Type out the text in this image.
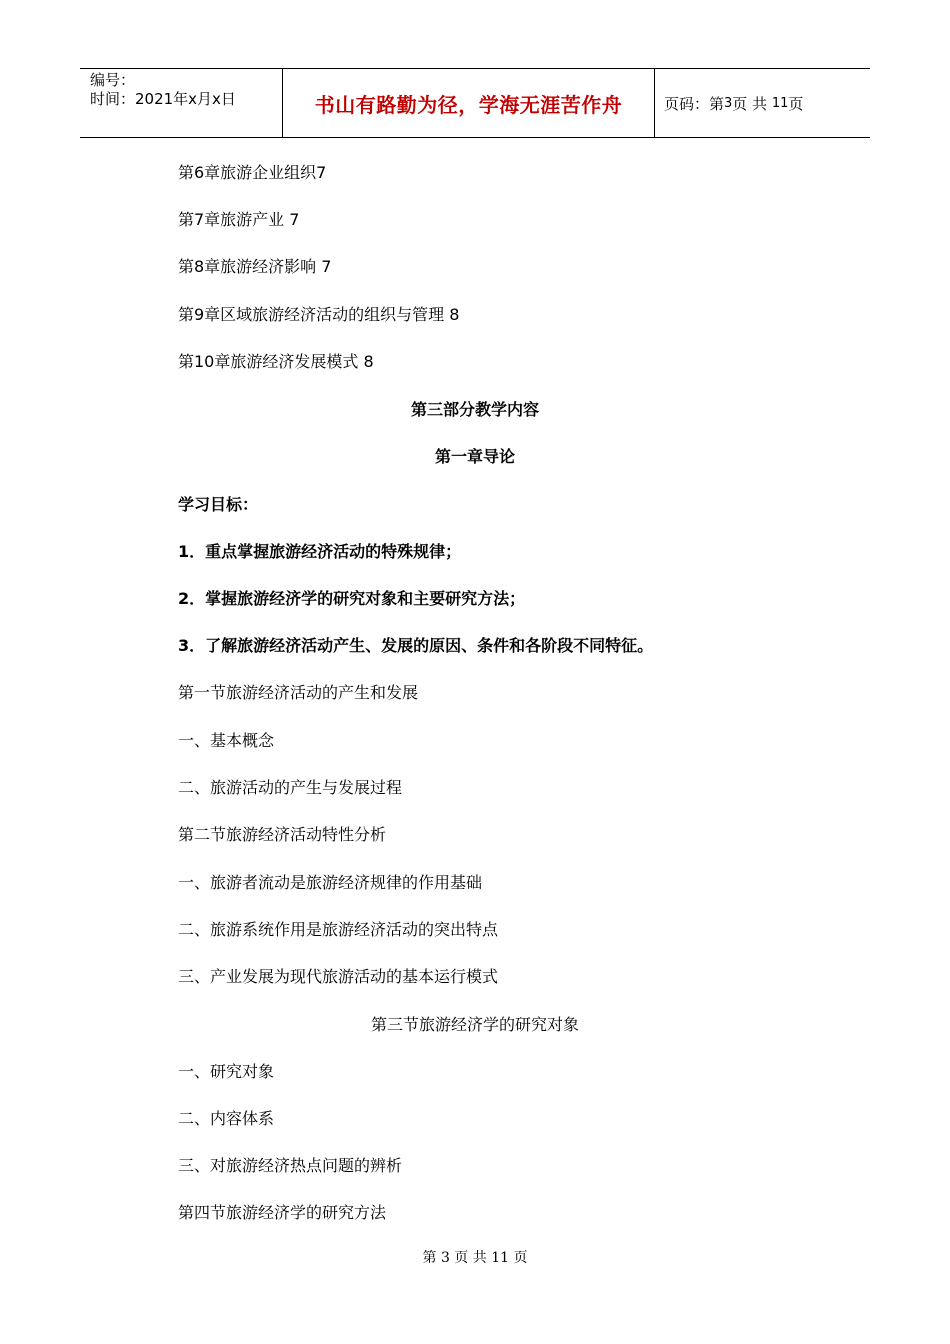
编号：
时间：2021年x月x日	书山有路勤为径，学海无涯苦作舟	页码：第 3 页 共
11 页
第6章旅游企业组织7
第7章旅游产业 7
第8章旅游经济影响 7
第9章区域旅游经济活动的组织与管理 8
第10章旅游经济发展模式 8
第三部分教学内容
第一章导论
学习目标：
1．重点掌握旅游经济活动的特殊规律；
2．掌握旅游经济学的研究对象和主要研究方法；
3．了解旅游经济活动产生、发展的原因、条件和各阶段不同特征。
第一节旅游经济活动的产生和发展
一、基本概念
二、旅游活动的产生与发展过程
第二节旅游经济活动特性分析
一、旅游者流动是旅游经济规律的作用基础
二、旅游系统作用是旅游经济活动的突出特点
三、产业发展为现代旅游活动的基本运行模式
第三节旅游经济学的研究对象
一、研究对象
二、内容体系
三、对旅游经济热点问题的辨析
第四节旅游经济学的研究方法
第 3 页 共 11 页
